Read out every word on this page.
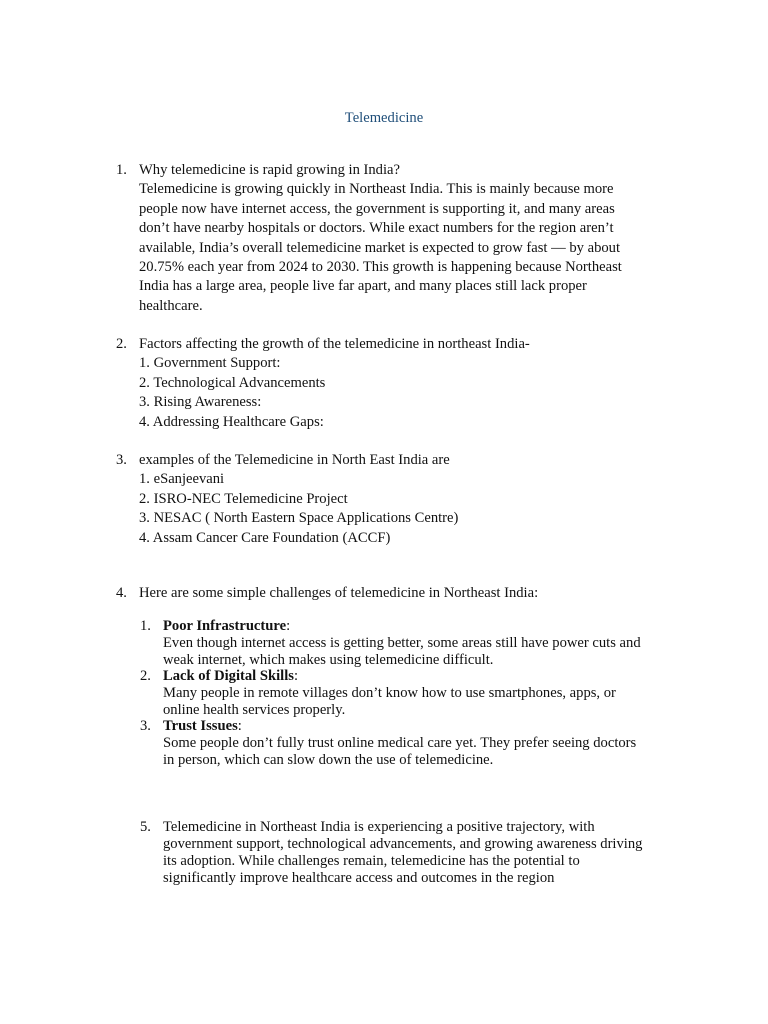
Telemedicine
1. Why telemedicine is rapid growing in India?
Telemedicine is growing quickly in Northeast India. This is mainly because more
people now have internet access, the government is supporting it, and many areas
don’t have nearby hospitals or doctors. While exact numbers for the region aren’t
available, India’s overall telemedicine market is expected to grow fast — by about
20.75% each year from 2024 to 2030. This growth is happening because Northeast
India has a large area, people live far apart, and many places still lack proper
healthcare.
2. Factors affecting the growth of the telemedicine in northeast India-
1. Government Support:
2. Technological Advancements
3. Rising Awareness:
4. Addressing Healthcare Gaps:
3. examples of the Telemedicine in North East India are
1. eSanjeevani
2. ISRO-NEC Telemedicine Project
3. NESAC ( North Eastern Space Applications Centre)
4. Assam Cancer Care Foundation (ACCF)
4. Here are some simple challenges of telemedicine in Northeast India:
1. Poor Infrastructure:
Even though internet access is getting better, some areas still have power cuts and
weak internet, which makes using telemedicine difficult.
2. Lack of Digital Skills:
Many people in remote villages don’t know how to use smartphones, apps, or
online health services properly.
3. Trust Issues:
Some people don’t fully trust online medical care yet. They prefer seeing doctors
in person, which can slow down the use of telemedicine.
5. Telemedicine in Northeast India is experiencing a positive trajectory, with
government support, technological advancements, and growing awareness driving
its adoption. While challenges remain, telemedicine has the potential to
significantly improve healthcare access and outcomes in the region
